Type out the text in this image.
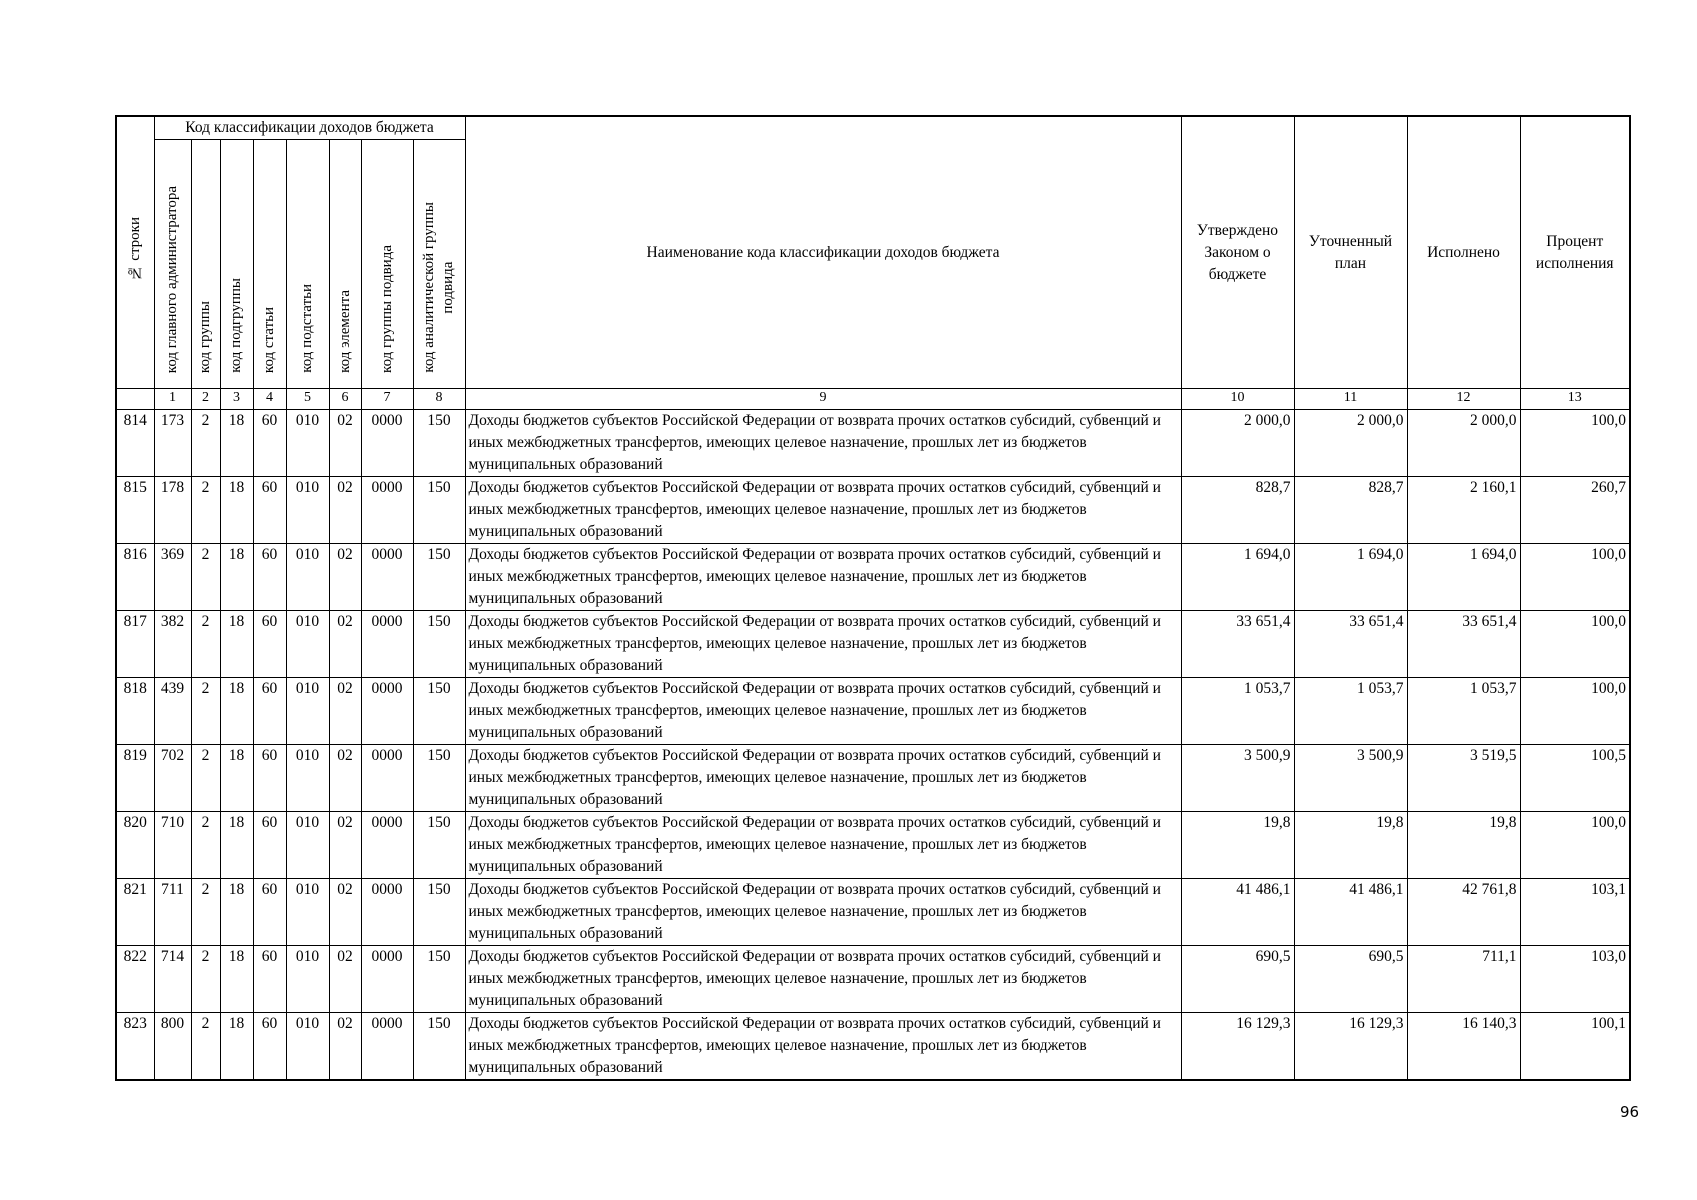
№ строки	Код классификации доходов бюджета								Наименование кода классификации доходов бюджета	Утверждено
Законом о
бюджете	Уточненный
план	Исполнено	Процент
исполнения
	код главного администратора	код группы	код подгруппы	код статьи	код подстатьи	код элемента	код группы подвида	код аналитической группы подвида					
	1	2	3	4	5	6	7	8	9	10	11	12	13
814	173	2	18	60	010	02	0000	150	Доходы бюджетов субъектов Российской Федерации от возврата прочих остатков субсидий, субвенций и иных межбюджетных трансфертов, имеющих целевое назначение, прошлых лет из бюджетов муниципальных образований	2 000,0	2 000,0	2 000,0	100,0
815	178	2	18	60	010	02	0000	150	Доходы бюджетов субъектов Российской Федерации от возврата прочих остатков субсидий, субвенций и иных межбюджетных трансфертов, имеющих целевое назначение, прошлых лет из бюджетов муниципальных образований	828,7	828,7	2 160,1	260,7
816	369	2	18	60	010	02	0000	150	Доходы бюджетов субъектов Российской Федерации от возврата прочих остатков субсидий, субвенций и иных межбюджетных трансфертов, имеющих целевое назначение, прошлых лет из бюджетов муниципальных образований	1 694,0	1 694,0	1 694,0	100,0
817	382	2	18	60	010	02	0000	150	Доходы бюджетов субъектов Российской Федерации от возврата прочих остатков субсидий, субвенций и иных межбюджетных трансфертов, имеющих целевое назначение, прошлых лет из бюджетов муниципальных образований	33 651,4	33 651,4	33 651,4	100,0
818	439	2	18	60	010	02	0000	150	Доходы бюджетов субъектов Российской Федерации от возврата прочих остатков субсидий, субвенций и иных межбюджетных трансфертов, имеющих целевое назначение, прошлых лет из бюджетов муниципальных образований	1 053,7	1 053,7	1 053,7	100,0
819	702	2	18	60	010	02	0000	150	Доходы бюджетов субъектов Российской Федерации от возврата прочих остатков субсидий, субвенций и иных межбюджетных трансфертов, имеющих целевое назначение, прошлых лет из бюджетов муниципальных образований	3 500,9	3 500,9	3 519,5	100,5
820	710	2	18	60	010	02	0000	150	Доходы бюджетов субъектов Российской Федерации от возврата прочих остатков субсидий, субвенций и иных межбюджетных трансфертов, имеющих целевое назначение, прошлых лет из бюджетов муниципальных образований	19,8	19,8	19,8	100,0
821	711	2	18	60	010	02	0000	150	Доходы бюджетов субъектов Российской Федерации от возврата прочих остатков субсидий, субвенций и иных межбюджетных трансфертов, имеющих целевое назначение, прошлых лет из бюджетов муниципальных образований	41 486,1	41 486,1	42 761,8	103,1
822	714	2	18	60	010	02	0000	150	Доходы бюджетов субъектов Российской Федерации от возврата прочих остатков субсидий, субвенций и иных межбюджетных трансфертов, имеющих целевое назначение, прошлых лет из бюджетов муниципальных образований	690,5	690,5	711,1	103,0
823	800	2	18	60	010	02	0000	150	Доходы бюджетов субъектов Российской Федерации от возврата прочих остатков субсидий, субвенций и иных межбюджетных трансфертов, имеющих целевое назначение, прошлых лет из бюджетов муниципальных образований	16 129,3	16 129,3	16 140,3	100,1
96
